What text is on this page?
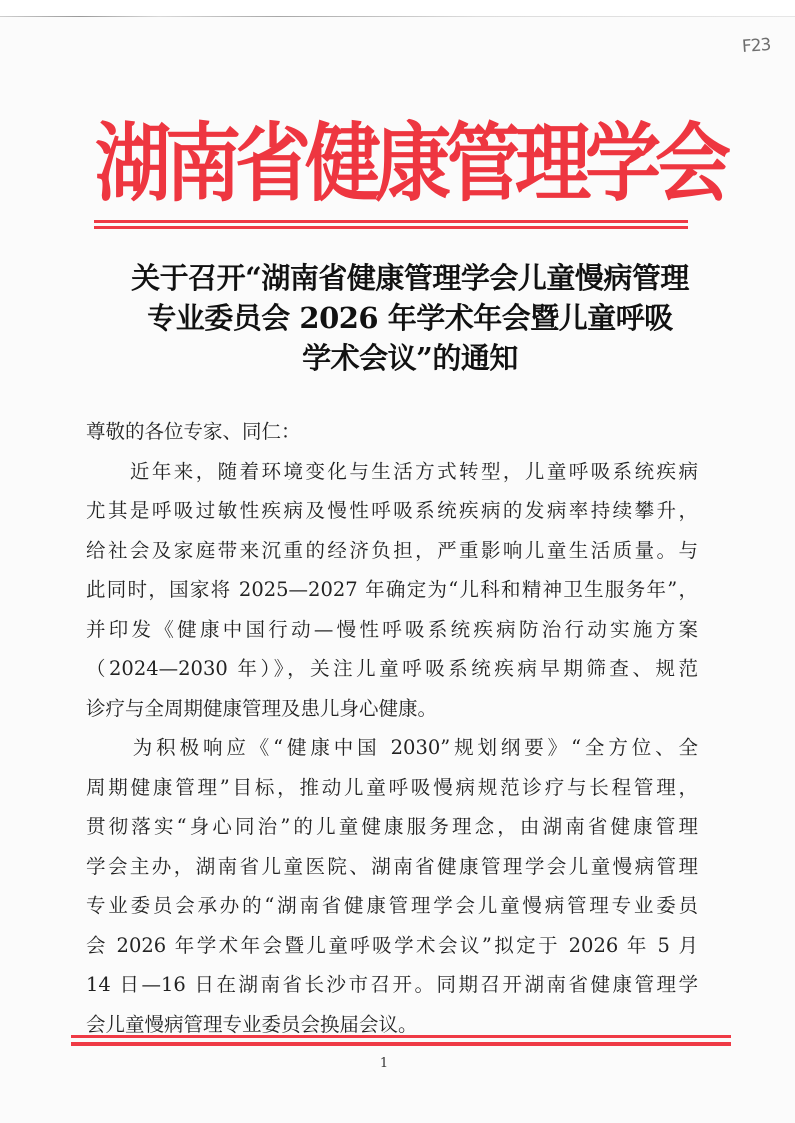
F23
湖南省健康管理学会
关于召开“湖南省健康管理学会儿童慢病管理
专业委员会 2026 年学术年会暨儿童呼吸
学术会议”的通知
尊敬的各位专家、同仁：
　　近年来，随着环境变化与生活方式转型，儿童呼吸系统疾病
尤其是呼吸过敏性疾病及慢性呼吸系统疾病的发病率持续攀升，
给社会及家庭带来沉重的经济负担，严重影响儿童生活质量。与
此同时，国家将 2025—2027 年确定为“儿科和精神卫生服务年”，
并印发《健康中国行动—慢性呼吸系统疾病防治行动实施方案
（2024—2030 年）》，关注儿童呼吸系统疾病早期筛查、规范
诊疗与全周期健康管理及患儿身心健康。
　　为积极响应《“健康中国 2030”规划纲要》“全方位、全
周期健康管理”目标，推动儿童呼吸慢病规范诊疗与长程管理，
贯彻落实“身心同治”的儿童健康服务理念，由湖南省健康管理
学会主办，湖南省儿童医院、湖南省健康管理学会儿童慢病管理
专业委员会承办的“湖南省健康管理学会儿童慢病管理专业委员
会 2026 年学术年会暨儿童呼吸学术会议”拟定于 2026 年 5 月
14 日—16 日在湖南省长沙市召开。同期召开湖南省健康管理学
会儿童慢病管理专业委员会换届会议。
1
